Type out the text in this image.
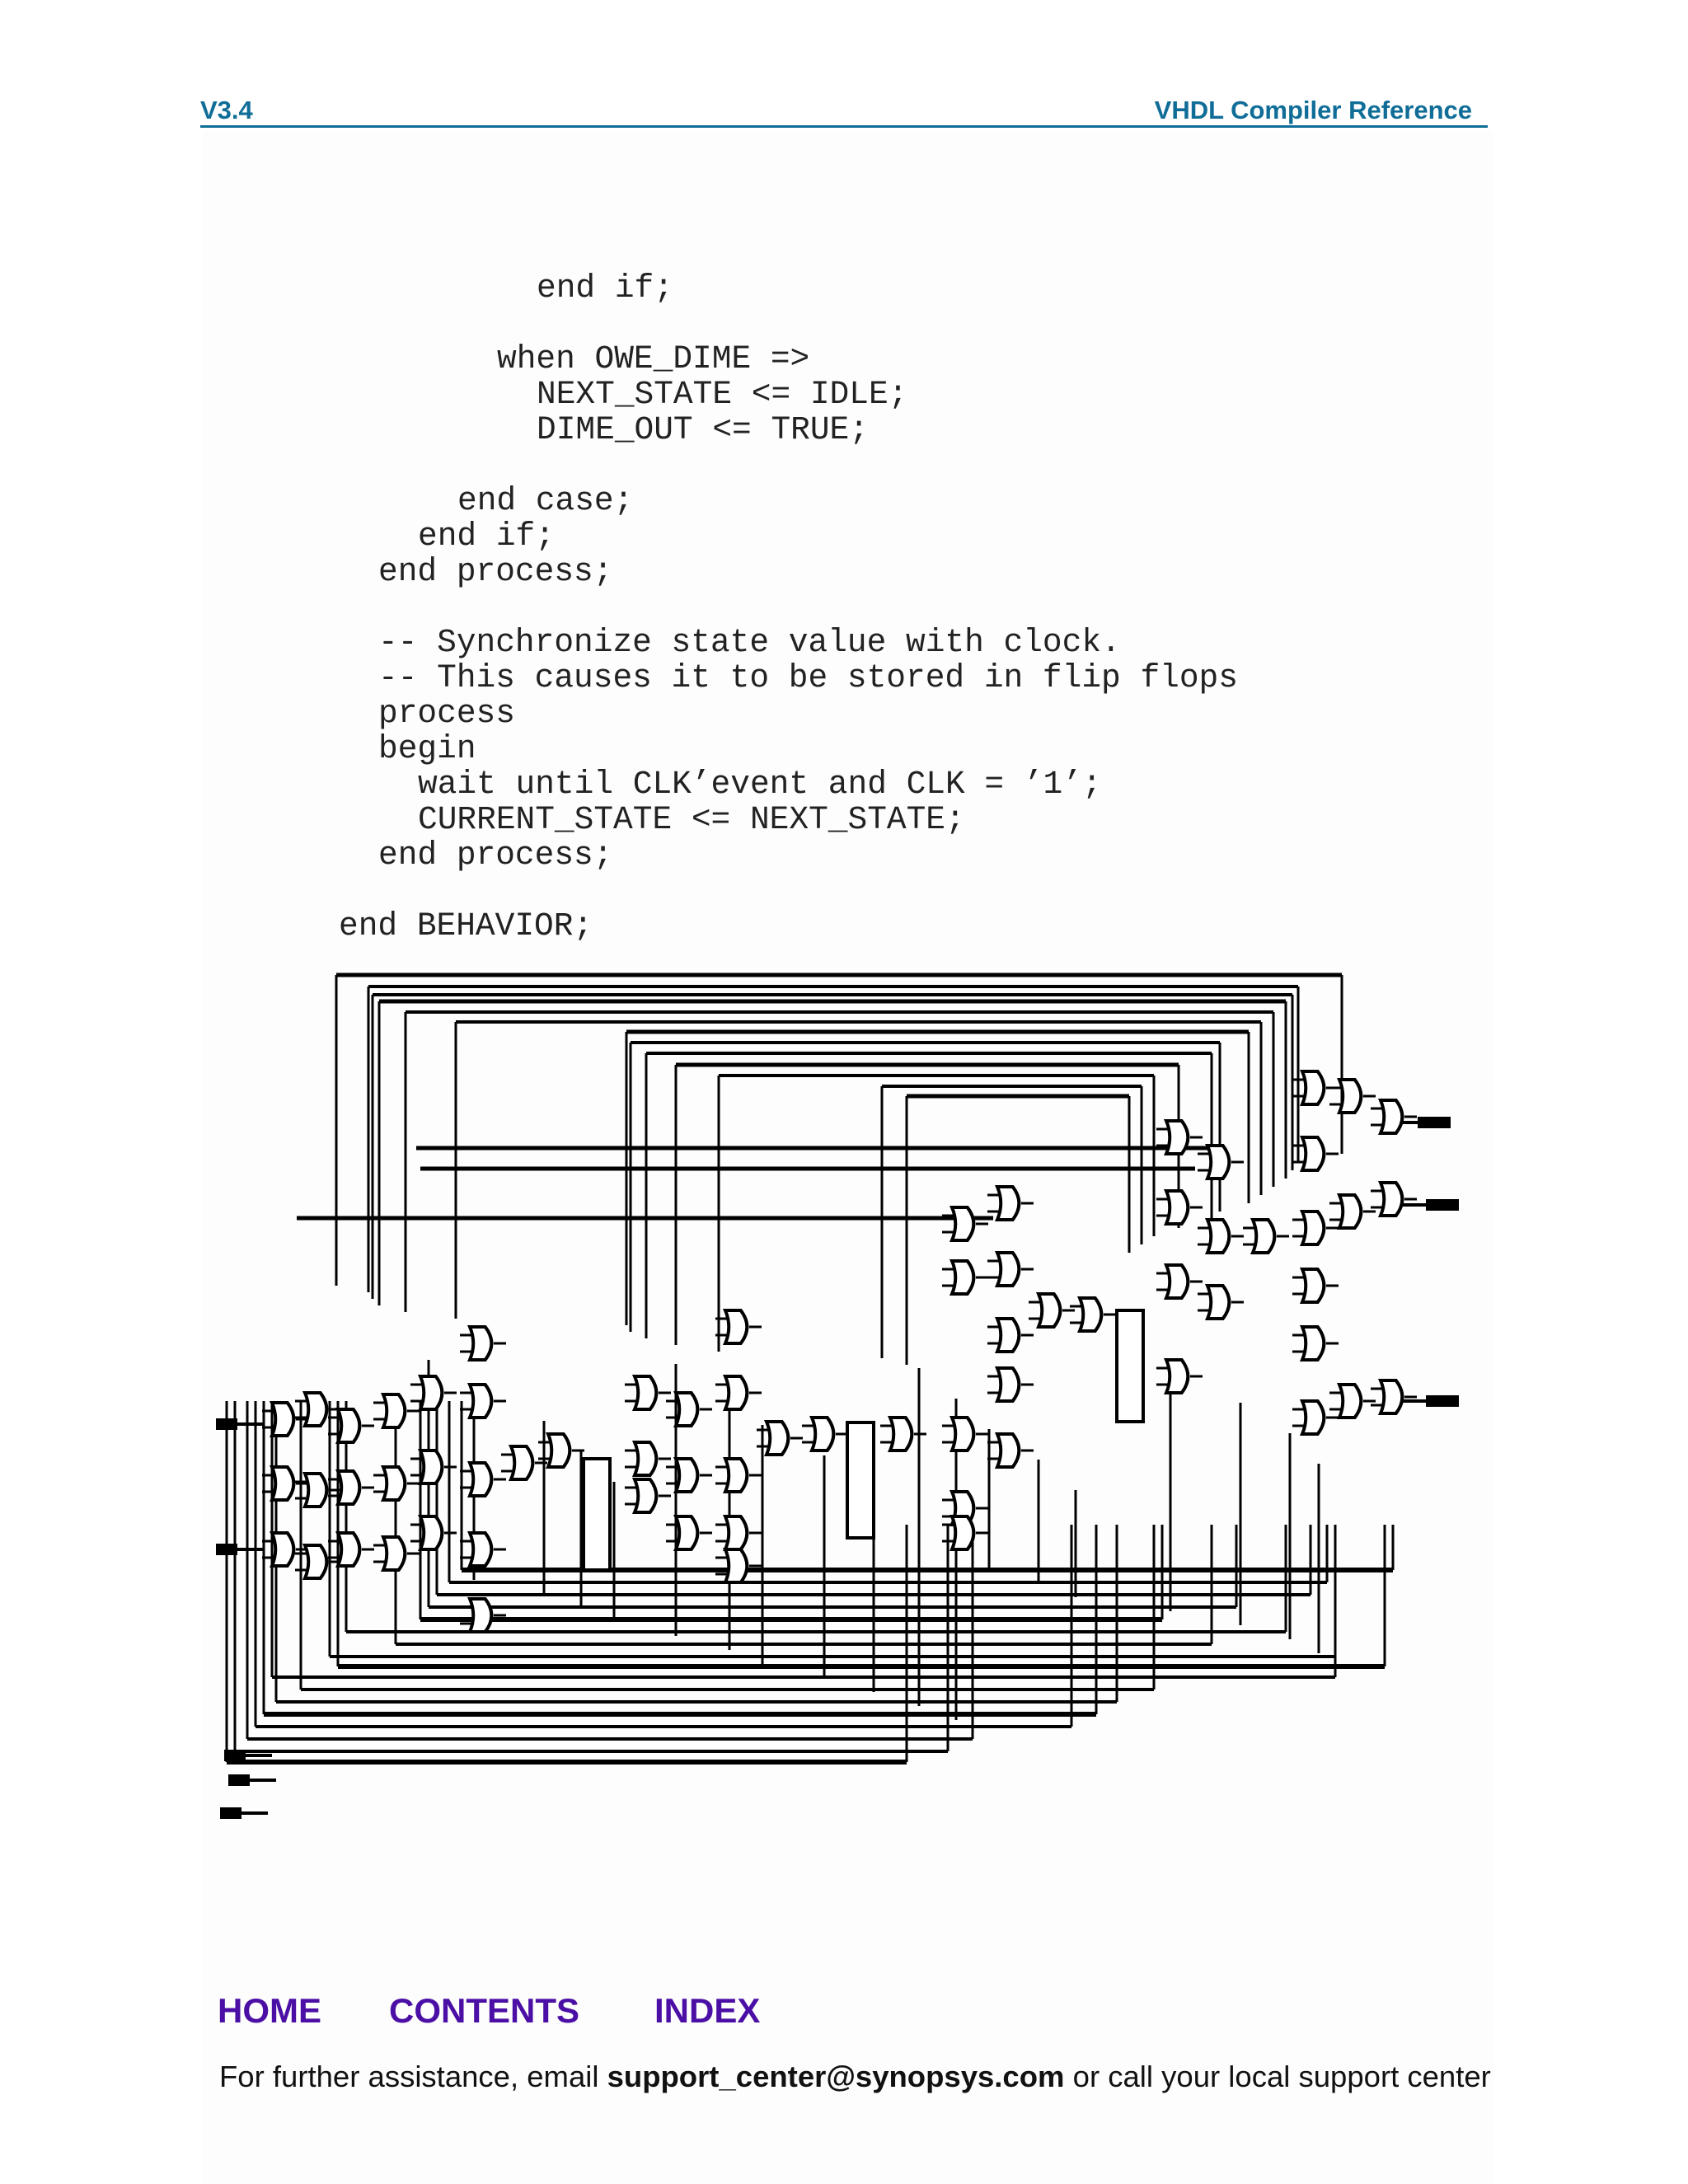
V3.4	VHDL Compiler Reference

end if;

when OWE_DIME =>

NEXT_STATE <= IDLE;

DIME_OUT <= TRUE;

end case;

end if;

end process;

-- Synchronize state value with clock.

-- This causes it to be stored in flip flops

process

begin

wait until CLK’event and CLK = ’1’;

CURRENT_STATE <= NEXT_STATE;

end process;

end BEHAVIOR;

HOME CONTENTS INDEX
For further assistance, email support_center@synopsys.com or call your local support center
